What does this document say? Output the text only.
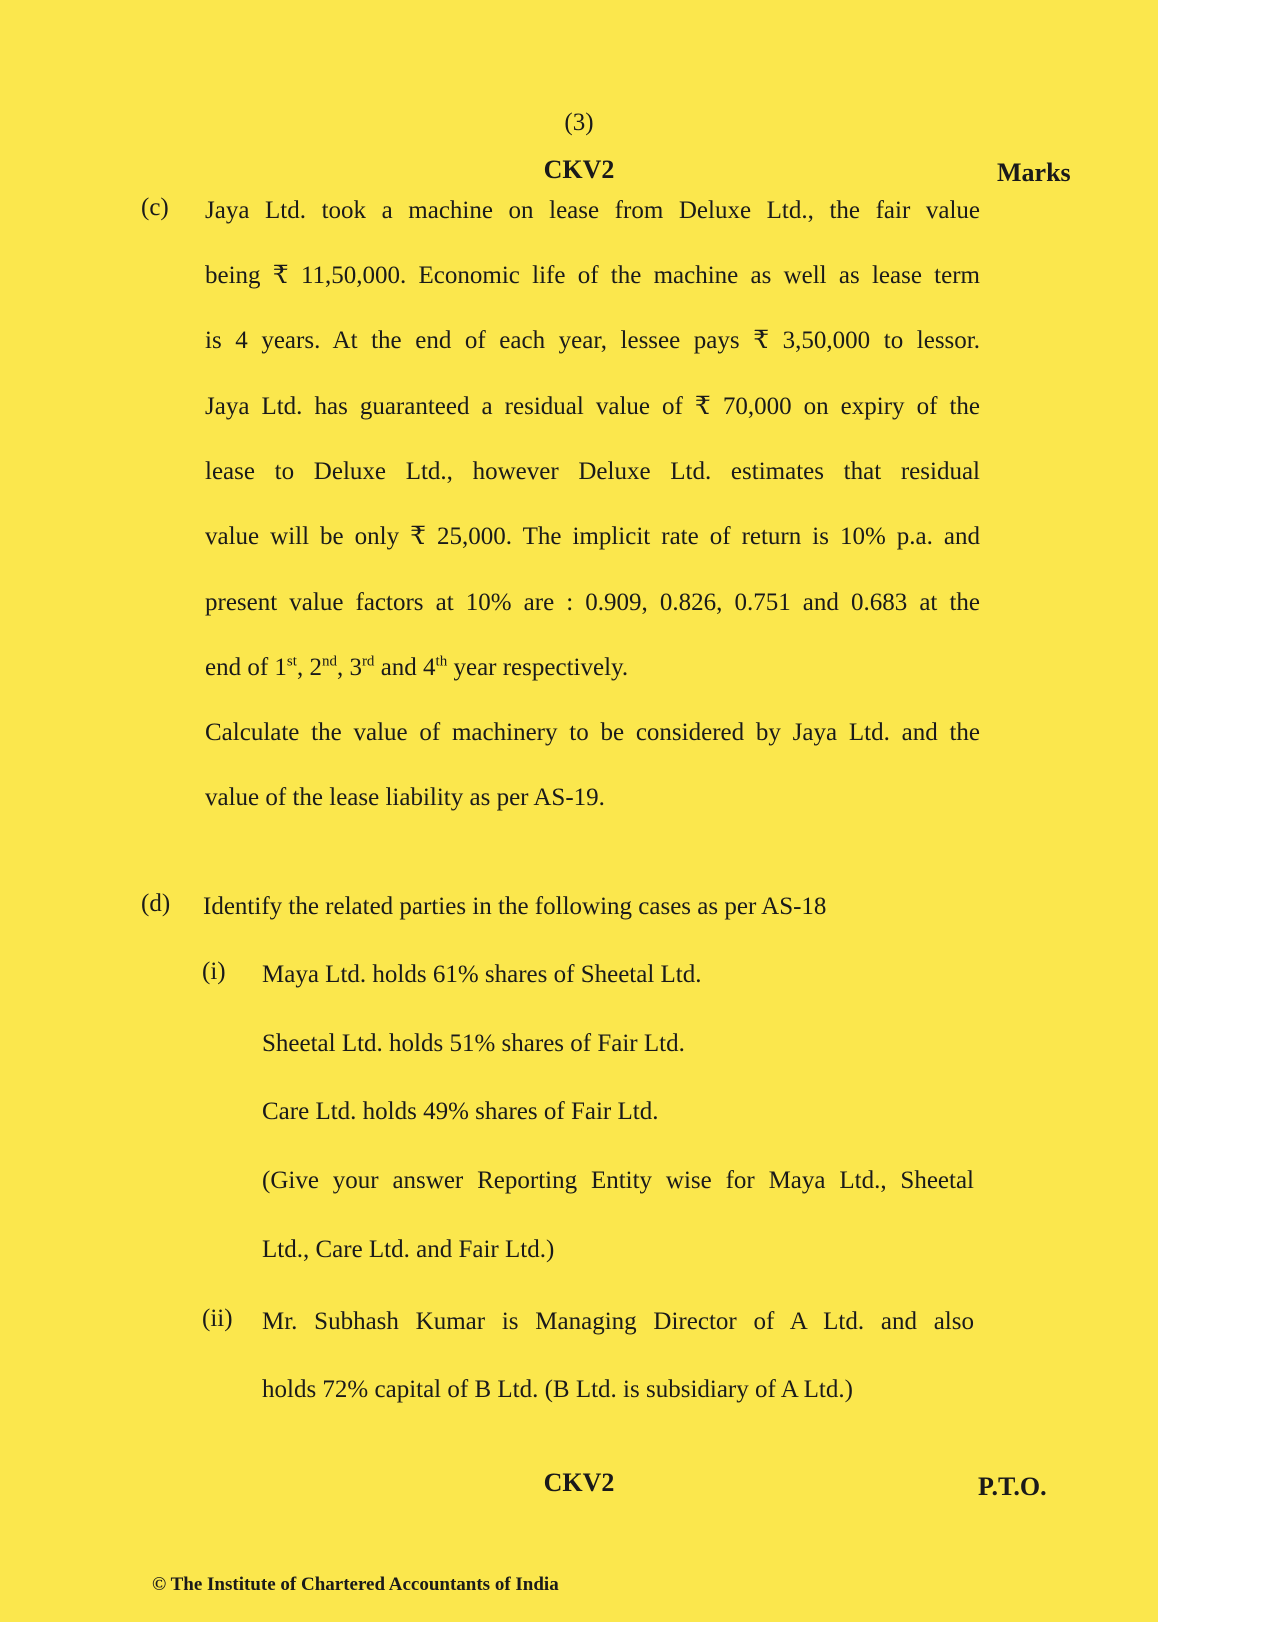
(3)
CKV2	Marks
(c) Jaya Ltd. took a machine on lease from Deluxe Ltd., the fair value
being ₹ 11,50,000. Economic life of the machine as well as lease term
is 4 years. At the end of each year, lessee pays ₹ 3,50,000 to lessor.
Jaya Ltd. has guaranteed a residual value of ₹ 70,000 on expiry of the
lease to Deluxe Ltd., however Deluxe Ltd. estimates that residual
value will be only ₹ 25,000. The implicit rate of return is 10% p.a. and
present value factors at 10% are : 0.909, 0.826, 0.751 and 0.683 at the
end of 1st, 2nd, 3rd and 4th year respectively.
Calculate the value of machinery to be considered by Jaya Ltd. and the
value of the lease liability as per AS-19.
(d) Identify the related parties in the following cases as per AS-18
(i) Maya Ltd. holds 61% shares of Sheetal Ltd.
Sheetal Ltd. holds 51% shares of Fair Ltd.
Care Ltd. holds 49% shares of Fair Ltd.
(Give your answer Reporting Entity wise for Maya Ltd., Sheetal
Ltd., Care Ltd. and Fair Ltd.)
(ii) Mr. Subhash Kumar is Managing Director of A Ltd. and also
holds 72% capital of B Ltd. (B Ltd. is subsidiary of A Ltd.)
CKV2	P.T.O.
© The Institute of Chartered Accountants of India
